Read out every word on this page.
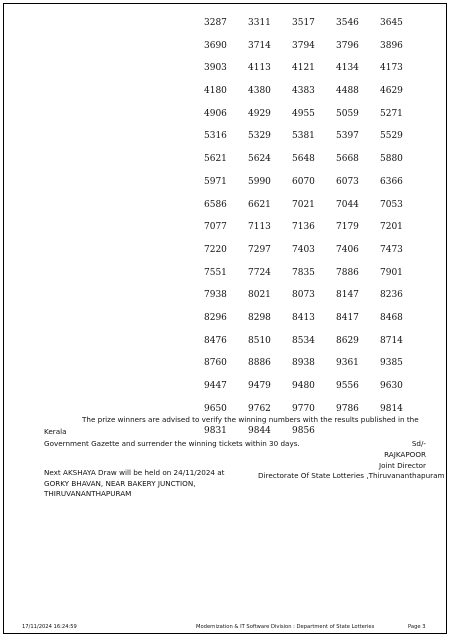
3287	3311	3517	3546	3645
3690	3714	3794	3796	3896
3903	4113	4121	4134	4173
4180	4380	4383	4488	4629
4906	4929	4955	5059	5271
5316	5329	5381	5397	5529
5621	5624	5648	5668	5880
5971	5990	6070	6073	6366
6586	6621	7021	7044	7053
7077	7113	7136	7179	7201
7220	7297	7403	7406	7473
7551	7724	7835	7886	7901
7938	8021	8073	8147	8236
8296	8298	8413	8417	8468
8476	8510	8534	8629	8714
8760	8886	8938	9361	9385
9447	9479	9480	9556	9630
9650	9762	9770	9786	9814
9831	9844	9856
The prize winners are advised to verify the winning numbers with the results published in the Kerala
Government Gazette and surrender the winning tickets within 30 days.	Sd/-
RAJKAPOOR
Joint Director
Next AKSHAYA Draw will be held on 24/11/2024 at
GORKY BHAVAN, NEAR BAKERY JUNCTION,
THIRUVANANTHAPURAM
Directorate Of State Lotteries ,Thiruvananthapuram
17/11/2024 16:24:59	Modernization & IT Software Division : Department of State Lotteries	Page 3
